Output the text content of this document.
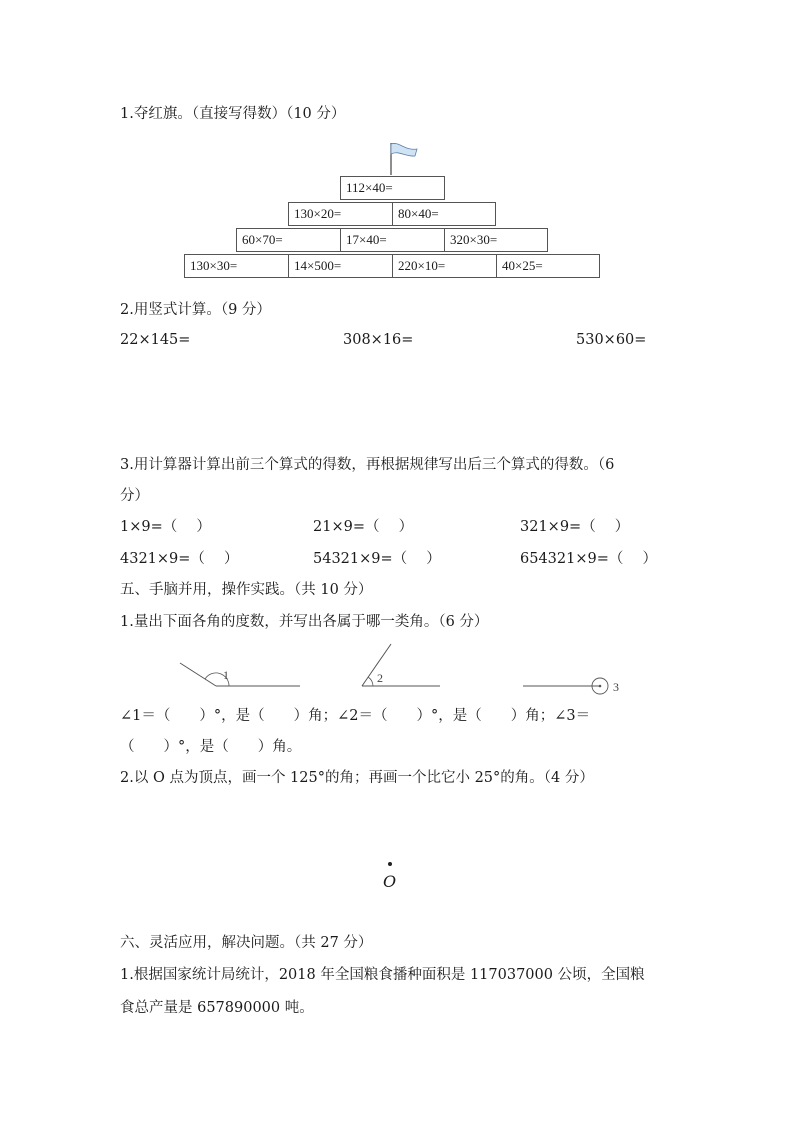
1.夺红旗。（直接写得数）（10 分）
112×40=
130×20=	80×40=
60×70=	17×40=	320×30=
130×30=	14×500=	220×10=	40×25=
2.用竖式计算。（9 分）
22×145=	308×16=	530×60=
3.用计算器计算出前三个算式的得数，再根据规律写出后三个算式的得数。（6
分）
1×9=（　 ）	21×9=（　 ）	321×9=（　 ）
4321×9=（　 ）	54321×9=（　 ）	654321×9=（　 ）
五、手脑并用，操作实践。（共 10 分）
1.量出下面各角的度数，并写出各属于哪一类角。（6 分）
1	2
3
∠1＝（　　）°，是（　　）角；∠2＝（　　）°，是（　　）角；∠3＝
（　　）°，是（　　）角。
2.以 O 点为顶点，画一个 125°的角；再画一个比它小 25°的角。（4 分）
O
六、灵活应用，解决问题。（共 27 分）
1.根据国家统计局统计，2018 年全国粮食播种面积是 117037000 公顷，全国粮
食总产量是 657890000 吨。
